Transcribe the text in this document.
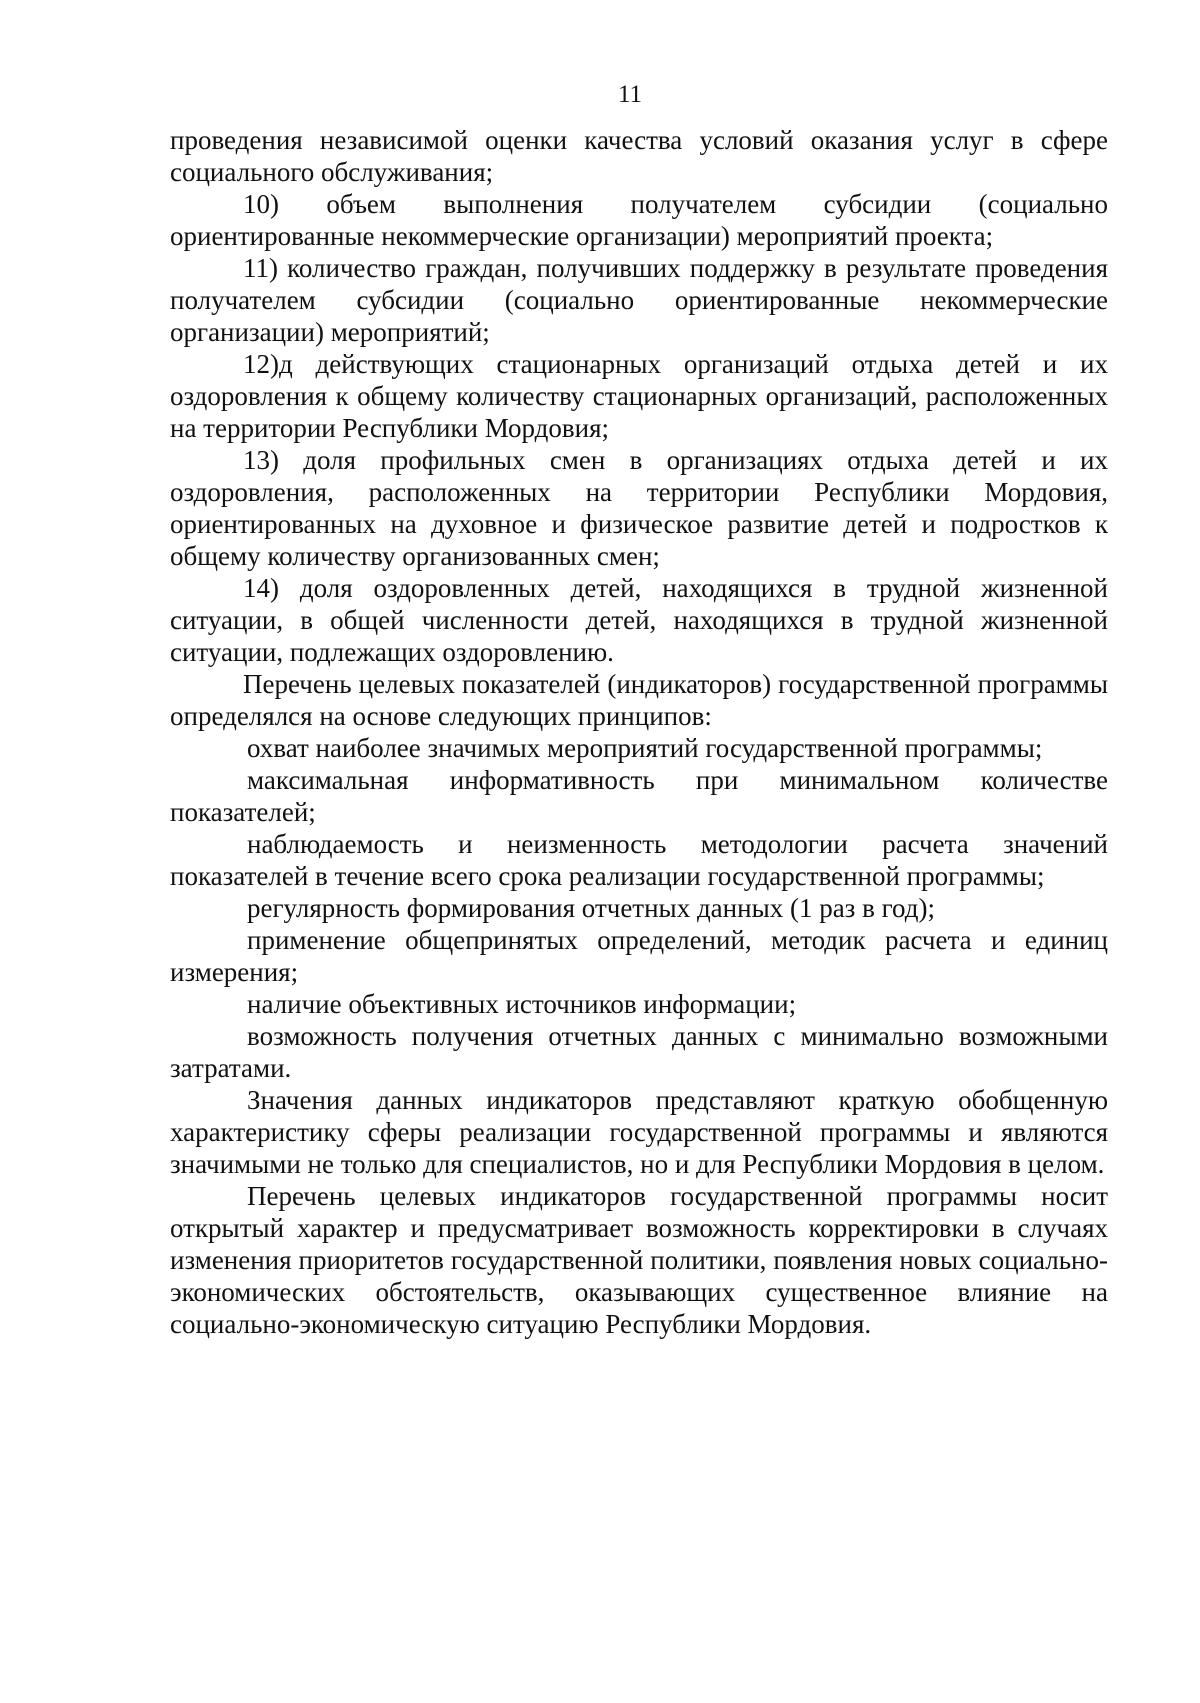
11

проведения независимой оценки качества условий оказания услуг в сфере социального обслуживания;

10) объем выполнения получателем субсидии (социально ориентированные некоммерческие организации) мероприятий проекта;

11) количество граждан, получивших поддержку в результате проведения получателем субсидии (социально ориентированные некоммерческие организации) мероприятий;

12)д действующих стационарных организаций отдыха детей и их оздоровления к общему количеству стационарных организаций, расположенных на территории Республики Мордовия;

13) доля профильных смен в организациях отдыха детей и их оздоровления, расположенных на территории Республики Мордовия, ориентированных на духовное и физическое развитие детей и подростков к общему количеству организованных смен;

14) доля оздоровленных детей, находящихся в трудной жизненной ситуации, в общей численности детей, находящихся в трудной жизненной ситуации, подлежащих оздоровлению.

Перечень целевых показателей (индикаторов) государственной программы определялся на основе следующих принципов:

охват наиболее значимых мероприятий государственной программы;

максимальная информативность при минимальном количестве показателей;

наблюдаемость и неизменность методологии расчета значений показателей в течение всего срока реализации государственной программы;

регулярность формирования отчетных данных (1 раз в год);

применение общепринятых определений, методик расчета и единиц измерения;

наличие объективных источников информации;

возможность получения отчетных данных с минимально возможными затратами.

Значения данных индикаторов представляют краткую обобщенную характеристику сферы реализации государственной программы и являются значимыми не только для специалистов, но и для Республики Мордовия в целом.

Перечень целевых индикаторов государственной программы носит открытый характер и предусматривает возможность корректировки в случаях изменения приоритетов государственной политики, появления новых социально-экономических обстоятельств, оказывающих существенное влияние на социально-экономическую ситуацию Республики Мордовия.
